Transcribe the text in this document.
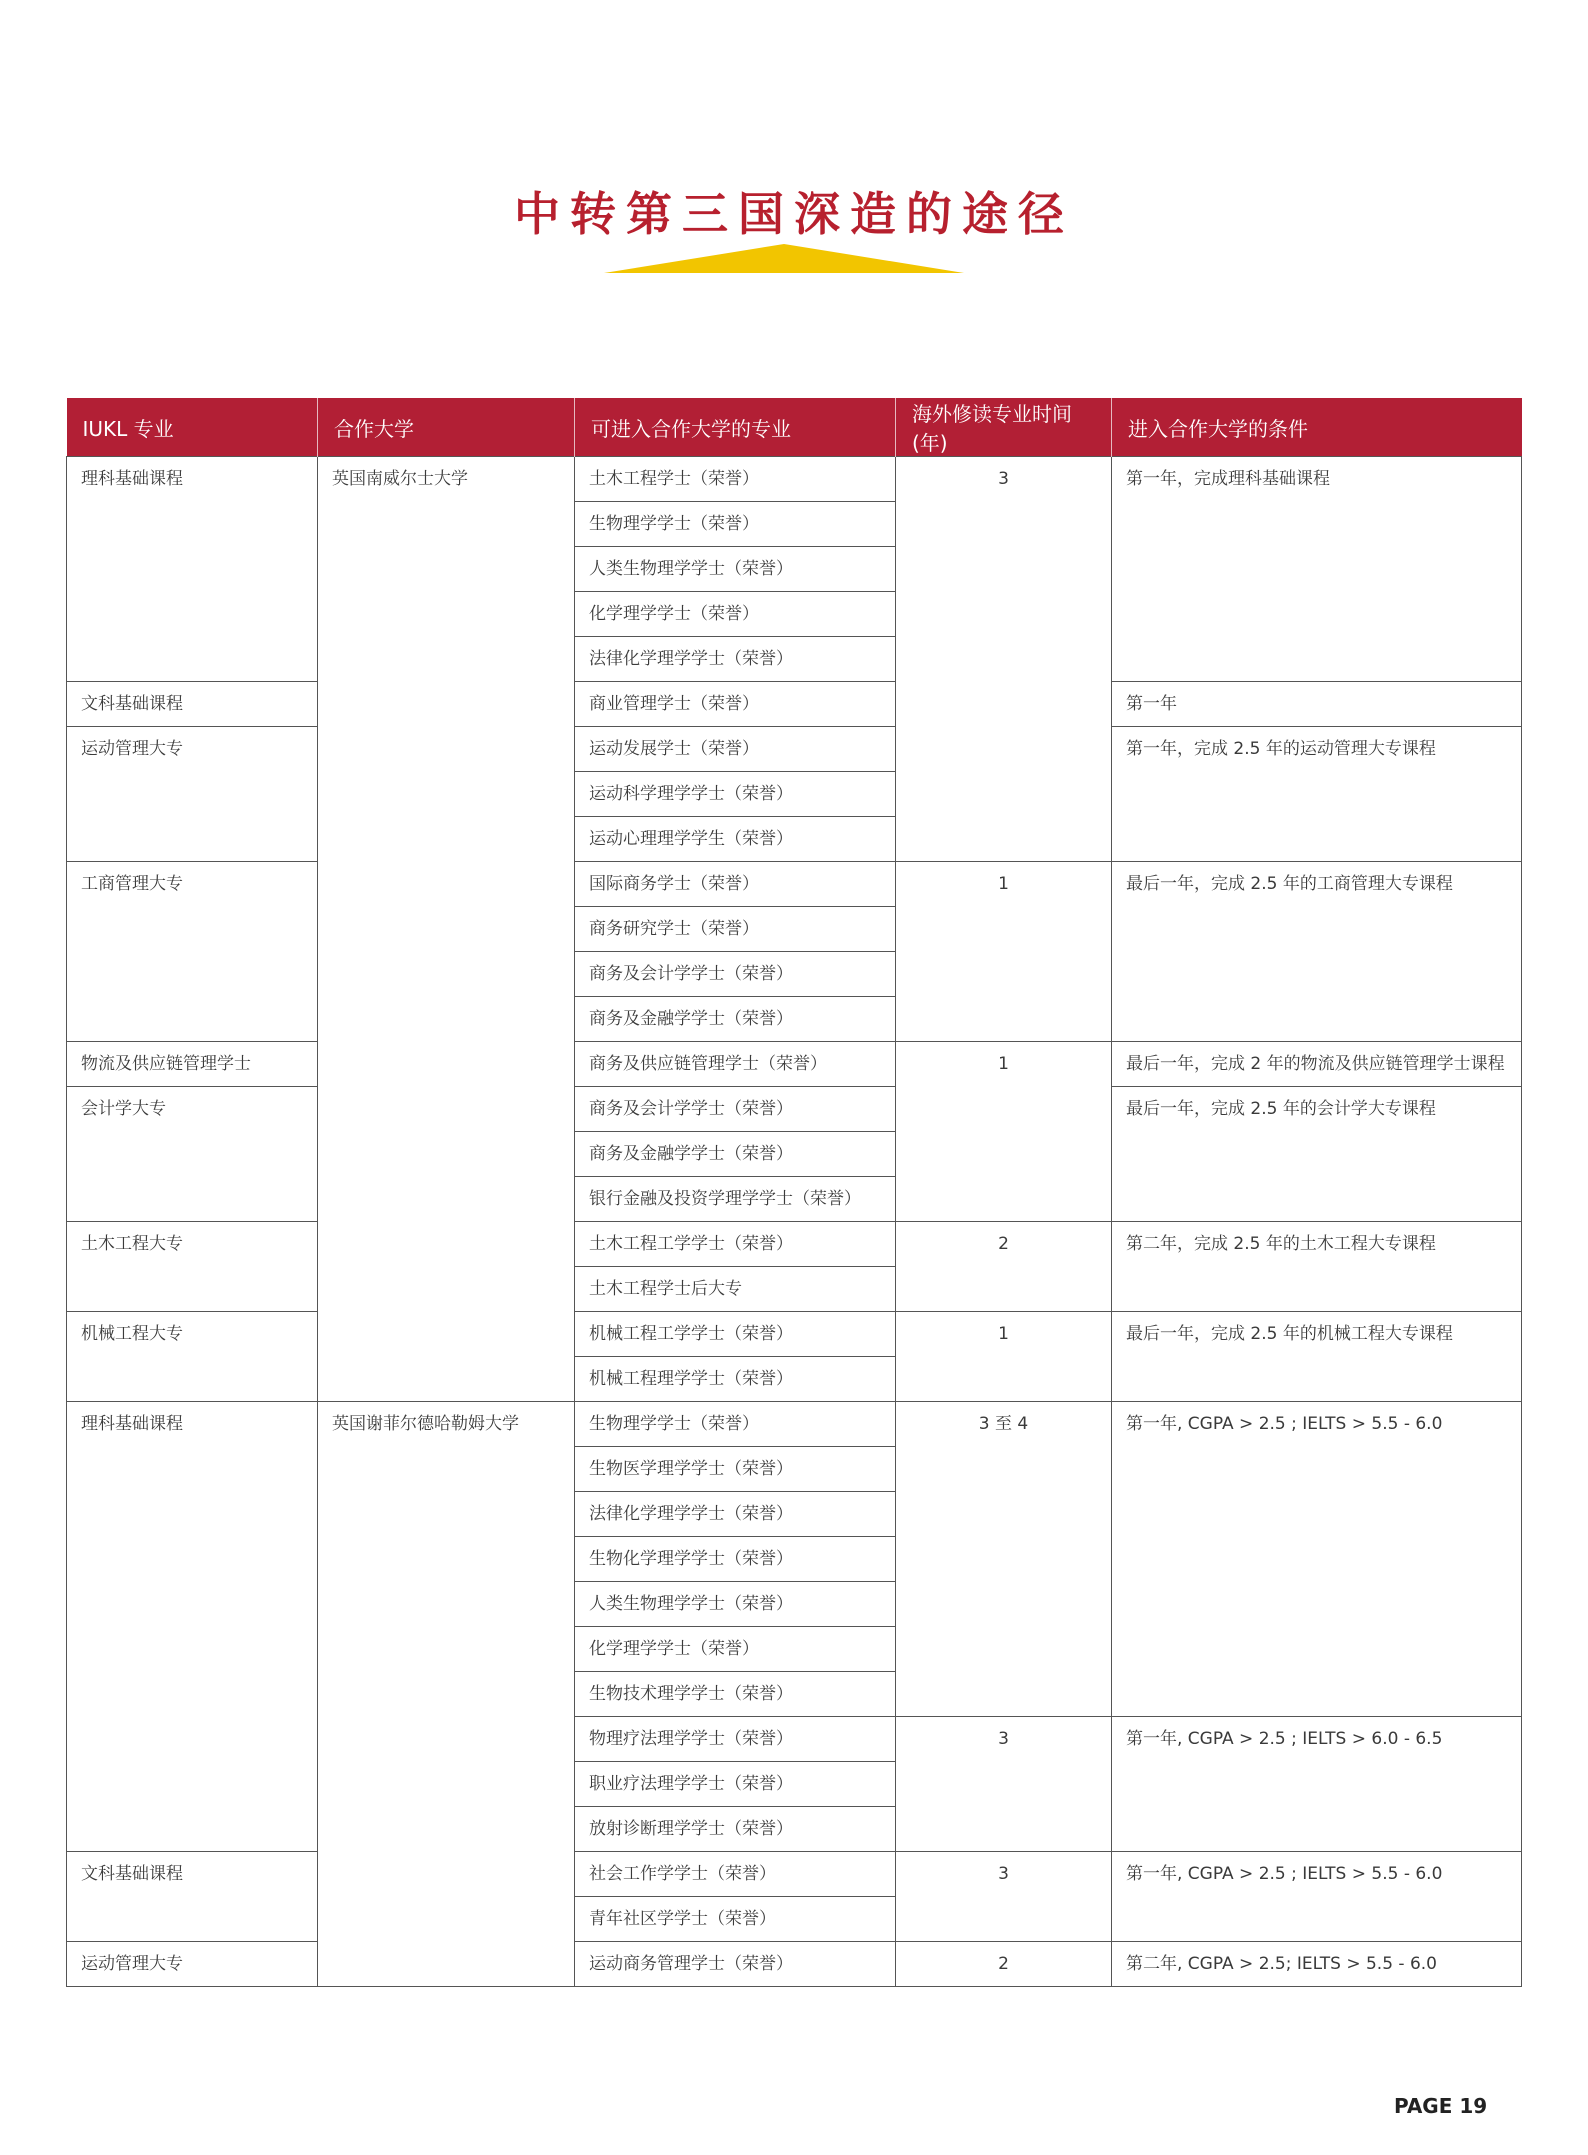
中转第三国深造的途径
IUKL 专业	合作大学	可进入合作大学的专业	海外修读专业时间(年)	进入合作大学的条件
理科基础课程	英国南威尔士大学	土木工程学士（荣誉）	3	第一年，完成理科基础课程
		生物理学学士（荣誉）		
		人类生物理学学士（荣誉）		
		化学理学学士（荣誉）		
		法律化学理学学士（荣誉）		
文科基础课程		商业管理学士（荣誉）		第一年
运动管理大专		运动发展学士（荣誉）		第一年，完成 2.5 年的运动管理大专课程
		运动科学理学学士（荣誉）		
		运动心理理学学生（荣誉）		
工商管理大专		国际商务学士（荣誉）	1	最后一年，完成 2.5 年的工商管理大专课程
		商务研究学士（荣誉）		
		商务及会计学学士（荣誉）		
		商务及金融学学士（荣誉）		
物流及供应链管理学士		商务及供应链管理学士（荣誉）	1	最后一年，完成 2 年的物流及供应链管理学士课程
会计学大专		商务及会计学学士（荣誉）		最后一年，完成 2.5 年的会计学大专课程
		商务及金融学学士（荣誉）		
		银行金融及投资学理学学士（荣誉）		
土木工程大专		土木工程工学学士（荣誉）	2	第二年，完成 2.5 年的土木工程大专课程
		土木工程学士后大专		
机械工程大专		机械工程工学学士（荣誉）	1	最后一年，完成 2.5 年的机械工程大专课程
		机械工程理学学士（荣誉）		
理科基础课程	英国谢菲尔德哈勒姆大学	生物理学学士（荣誉）	3 至 4	第一年, CGPA > 2.5 ; IELTS > 5.5 - 6.0
		生物医学理学学士（荣誉）		
		法律化学理学学士（荣誉）		
		生物化学理学学士（荣誉）		
		人类生物理学学士（荣誉）		
		化学理学学士（荣誉）		
		生物技术理学学士（荣誉）		
		物理疗法理学学士（荣誉）	3	第一年, CGPA > 2.5 ; IELTS > 6.0 - 6.5
		职业疗法理学学士（荣誉）		
		放射诊断理学学士（荣誉）		
文科基础课程		社会工作学学士（荣誉）	3	第一年, CGPA > 2.5 ; IELTS > 5.5 - 6.0
		青年社区学学士（荣誉）		
运动管理大专		运动商务管理学士（荣誉）	2	第二年, CGPA > 2.5; IELTS > 5.5 - 6.0
PAGE 19
